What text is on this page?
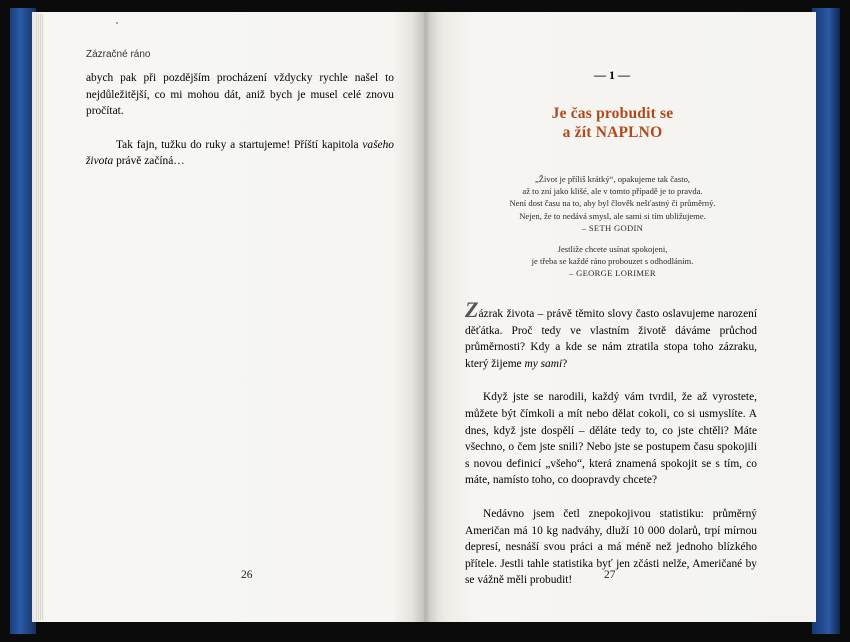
Zázračné ráno

abych pak při pozdějším procházení vždycky rychle našel to nejdůležitější, co mi mohou dát, aniž bych je musel celé znovu pročítat.

Tak fajn, tužku do ruky a startujeme! Příští kapitola vašeho života právě začíná…

26
— 1 —
Je čas probudit se
a žít NAPLNO
„Život je příliš krátký“, opakujeme tak často,
až to zní jako klišé, ale v tomto případě je to pravda.
Není dost času na to, aby byl člověk nešťastný či průměrný.
Nejen, že to nedává smysl, ale sami si tím ubližujeme.
– SETH GODIN
Jestliže chcete usínat spokojeni,
je třeba se každé ráno probouzet s odhodláním.
– GEORGE LORIMER

Zázrak života – právě těmito slovy často oslavujeme narození děťátka. Proč tedy ve vlastním životě dáváme průchod průměrnosti? Kdy a kde se nám ztratila stopa toho zázraku, který žijeme my sami?

Když jste se narodili, každý vám tvrdil, že až vyrostete, můžete být čímkoli a mít nebo dělat cokoli, co si usmyslíte. A dnes, když jste dospělí – děláte tedy to, co jste chtěli? Máte všechno, o čem jste snili? Nebo jste se postupem času spokojili s novou definicí „všeho“, která znamená spokojit se s tím, co máte, namísto toho, co doopravdy chcete?

Nedávno jsem četl znepokojivou statistiku: průměrný Američan má 10 kg nadváhy, dluží 10 000 dolarů, trpí mírnou depresí, nesnáší svou práci a má méně než jednoho blízkého přítele. Jestli tahle statistika byť jen zčásti nelže, Američané by se vážně měli probudit!	27
